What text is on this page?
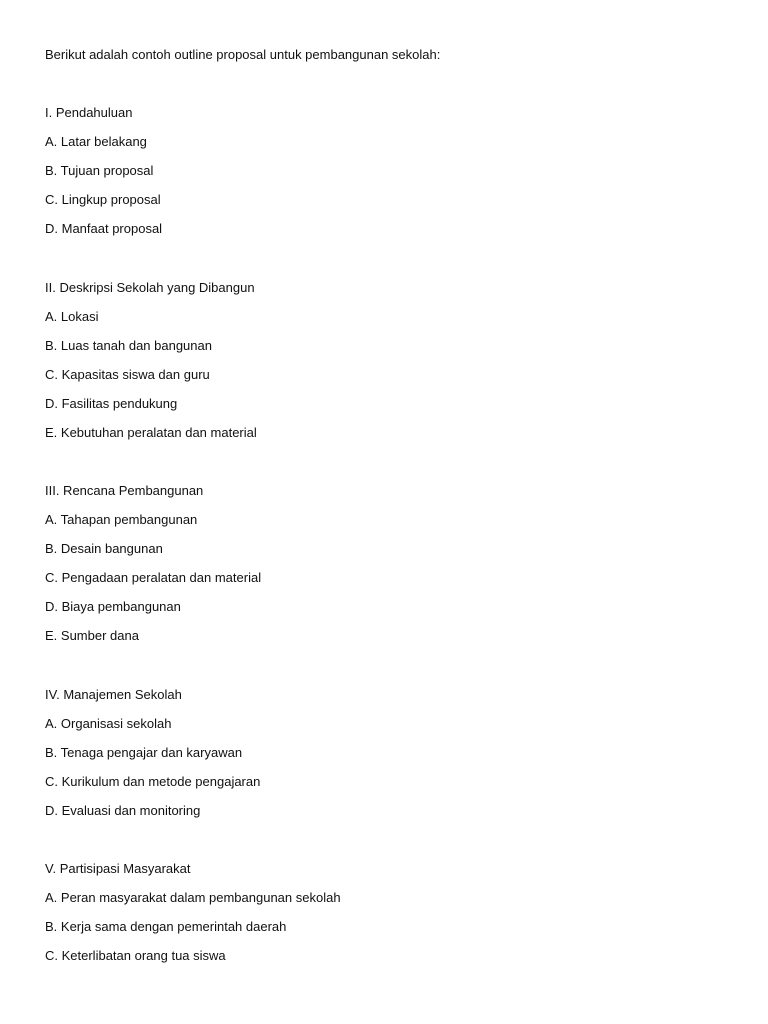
Berikut adalah contoh outline proposal untuk pembangunan sekolah:
I. Pendahuluan
A. Latar belakang
B. Tujuan proposal
C. Lingkup proposal
D. Manfaat proposal
II. Deskripsi Sekolah yang Dibangun
A. Lokasi
B. Luas tanah dan bangunan
C. Kapasitas siswa dan guru
D. Fasilitas pendukung
E. Kebutuhan peralatan dan material
III. Rencana Pembangunan
A. Tahapan pembangunan
B. Desain bangunan
C. Pengadaan peralatan dan material
D. Biaya pembangunan
E. Sumber dana
IV. Manajemen Sekolah
A. Organisasi sekolah
B. Tenaga pengajar dan karyawan
C. Kurikulum dan metode pengajaran
D. Evaluasi dan monitoring
V. Partisipasi Masyarakat
A. Peran masyarakat dalam pembangunan sekolah
B. Kerja sama dengan pemerintah daerah
C. Keterlibatan orang tua siswa
